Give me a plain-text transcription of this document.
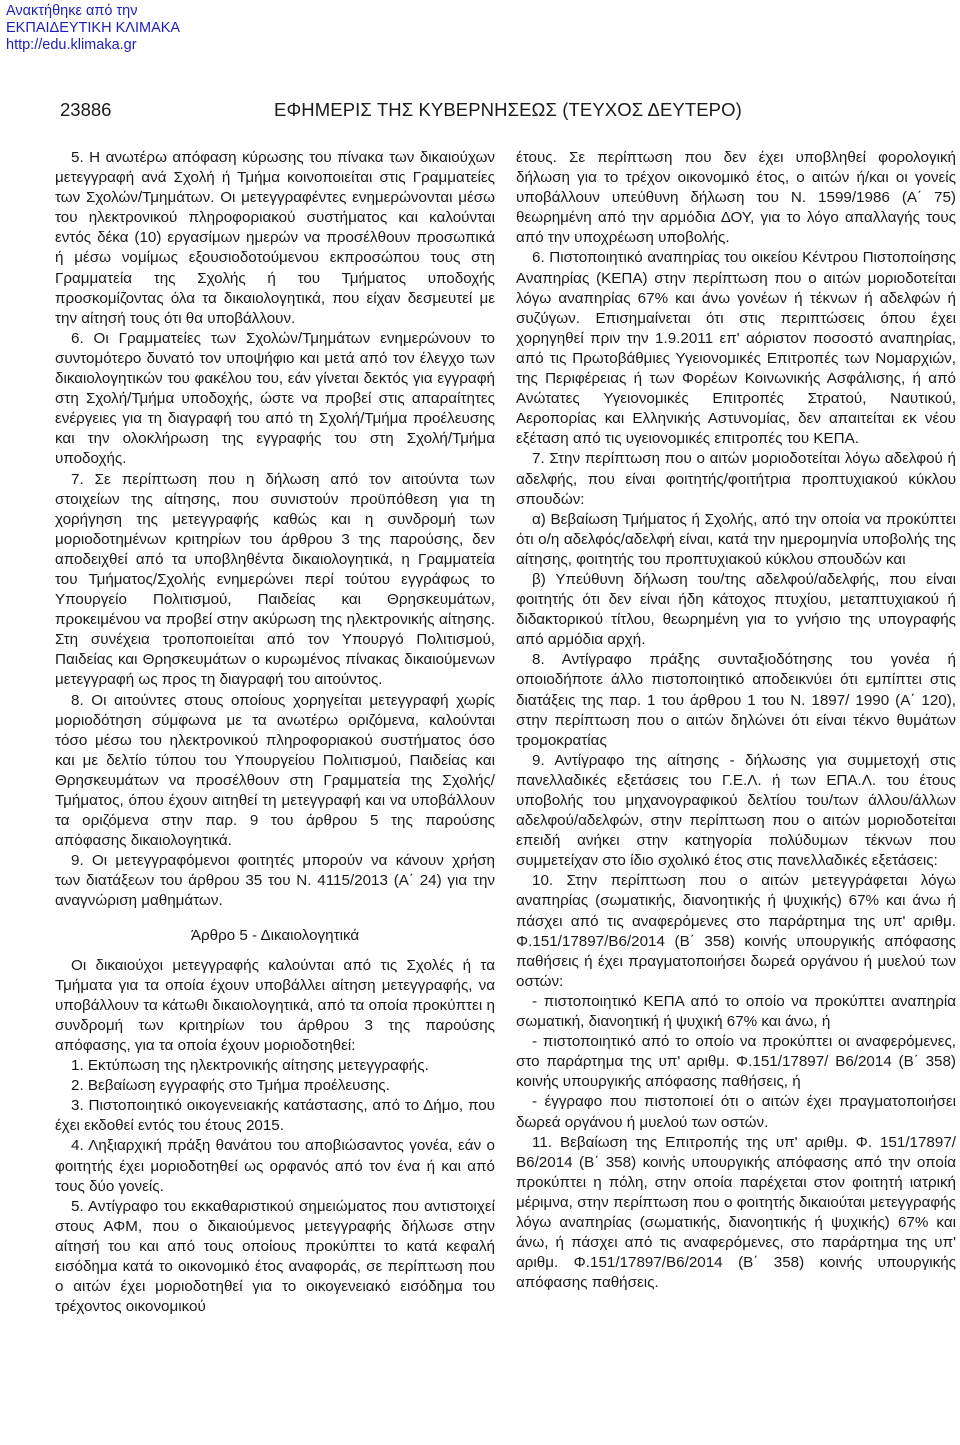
Ανακτήθηκε από την
ΕΚΠΑΙΔΕΥΤΙΚΗ ΚΛΙΜΑΚΑ
http://edu.klimaka.gr
23886	ΕΦΗΜΕΡΙΣ ΤΗΣ ΚΥΒΕΡΝΗΣΕΩΣ (ΤΕΥΧΟΣ ΔΕΥΤΕΡΟ)

5. Η ανωτέρω απόφαση κύρωσης του πίνακα των δικαιούχων μετεγγραφή ανά Σχολή ή Τμήμα κοινοποιείται στις Γραμματείες των Σχολών/Τμημάτων. Οι μετεγγραφέντες ενημερώνονται μέσω του ηλεκτρονικού πληροφοριακού συστήματος και καλούνται εντός δέκα (10) εργασίμων ημερών να προσέλθουν προσωπικά ή μέσω νομίμως εξουσιοδοτούμενου εκπροσώπου τους στη Γραμματεία της Σχολής ή του Τμήματος υποδοχής προσκομίζοντας όλα τα δικαιολογητικά, που είχαν δεσμευτεί με την αίτησή τους ότι θα υποβάλλουν.

6. Οι Γραμματείες των Σχολών/Τμημάτων ενημερώνουν το συντομότερο δυνατό τον υποψήφιο και μετά από τον έλεγχο των δικαιολογητικών του φακέλου του, εάν γίνεται δεκτός για εγγραφή στη Σχολή/Τμήμα υποδοχής, ώστε να προβεί στις απαραίτητες ενέργειες για τη διαγραφή του από τη Σχολή/Τμήμα προέλευσης και την ολοκλήρωση της εγγραφής του στη Σχολή/Τμήμα υποδοχής.

7. Σε περίπτωση που η δήλωση από τον αιτούντα των στοιχείων της αίτησης, που συνιστούν προϋπόθεση για τη χορήγηση της μετεγγραφής καθώς και η συνδρομή των μοριοδοτημένων κριτηρίων του άρθρου 3 της παρούσης, δεν αποδειχθεί από τα υποβληθέντα δικαιολογητικά, η Γραμματεία του Τμήματος/Σχολής ενημερώνει περί τούτου εγγράφως το Υπουργείο Πολιτισμού, Παιδείας και Θρησκευμάτων, προκειμένου να προβεί στην ακύρωση της ηλεκτρονικής αίτησης. Στη συνέχεια τροποποιείται από τον Υπουργό Πολιτισμού, Παιδείας και Θρησκευμάτων ο κυρωμένος πίνακας δικαιούμενων μετεγγραφή ως προς τη διαγραφή του αιτούντος.

8. Οι αιτούντες στους οποίους χορηγείται μετεγγραφή χωρίς μοριοδότηση σύμφωνα με τα ανωτέρω οριζόμενα, καλούνται τόσο μέσω του ηλεκτρονικού πληροφοριακού συστήματος όσο και με δελτίο τύπου του Υπουργείου Πολιτισμού, Παιδείας και Θρησκευμάτων να προσέλθουν στη Γραμματεία της Σχολής/ Τμήματος, όπου έχουν αιτηθεί τη μετεγγραφή και να υποβάλλουν τα οριζόμενα στην παρ. 9 του άρθρου 5 της παρούσης απόφασης δικαιολογητικά.

9. Οι μετεγγραφόμενοι φοιτητές μπορούν να κάνουν χρήση των διατάξεων του άρθρου 35 του Ν. 4115/2013 (Α΄ 24) για την αναγνώριση μαθημάτων.

Άρθρο 5 - Δικαιολογητικά

Οι δικαιούχοι μετεγγραφής καλούνται από τις Σχολές ή τα Τμήματα για τα οποία έχουν υποβάλλει αίτηση μετεγγραφής, να υποβάλλουν τα κάτωθι δικαιολογητικά, από τα οποία προκύπτει η συνδρομή των κριτηρίων του άρθρου 3 της παρούσης απόφασης, για τα οποία έχουν μοριοδοτηθεί:

1. Εκτύπωση της ηλεκτρονικής αίτησης μετεγγραφής.

2. Βεβαίωση εγγραφής στο Τμήμα προέλευσης.

3. Πιστοποιητικό οικογενειακής κατάστασης, από το Δήμο, που έχει εκδοθεί εντός του έτους 2015.

4. Ληξιαρχική πράξη θανάτου του αποβιώσαντος γονέα, εάν ο φοιτητής έχει μοριοδοτηθεί ως ορφανός από τον ένα ή και από τους δύο γονείς.

5. Αντίγραφο του εκκαθαριστικού σημειώματος που αντιστοιχεί στους ΑΦΜ, που ο δικαιούμενος μετεγγραφής δήλωσε στην αίτησή του και από τους οποίους προκύπτει το κατά κεφαλή εισόδημα κατά το οικονομικό έτος αναφοράς, σε περίπτωση που ο αιτών έχει μοριοδοτηθεί για το οικογενειακό εισόδημα του τρέχοντος οικονομικού

έτους. Σε περίπτωση που δεν έχει υποβληθεί φορολογική δήλωση για το τρέχον οικονομικό έτος, ο αιτών ή/και οι γονείς υποβάλλουν υπεύθυνη δήλωση του Ν. 1599/1986 (Α΄ 75) θεωρημένη από την αρμόδια ΔΟΥ, για το λόγο απαλλαγής τους από την υποχρέωση υποβολής.

6. Πιστοποιητικό αναπηρίας του οικείου Κέντρου Πιστοποίησης Αναπηρίας (ΚΕΠΑ) στην περίπτωση που ο αιτών μοριοδοτείται λόγω αναπηρίας 67% και άνω γονέων ή τέκνων ή αδελφών ή συζύγων. Επισημαίνεται ότι στις περιπτώσεις όπου έχει χορηγηθεί πριν την 1.9.2011 επ' αόριστον ποσοστό αναπηρίας, από τις Πρωτοβάθμιες Υγειονομικές Επιτροπές των Νομαρχιών, της Περιφέρειας ή των Φορέων Κοινωνικής Ασφάλισης, ή από Ανώτατες Υγειονομικές Επιτροπές Στρατού, Ναυτικού, Αεροπορίας και Ελληνικής Αστυνομίας, δεν απαιτείται εκ νέου εξέταση από τις υγειονομικές επιτροπές του ΚΕΠΑ.

7. Στην περίπτωση που ο αιτών μοριοδοτείται λόγω αδελφού ή αδελφής, που είναι φοιτητής/φοιτήτρια προπτυχιακού κύκλου σπουδών:

α) Βεβαίωση Τμήματος ή Σχολής, από την οποία να προκύπτει ότι ο/η αδελφός/αδελφή είναι, κατά την ημερομηνία υποβολής της αίτησης, φοιτητής του προπτυχιακού κύκλου σπουδών και

β) Υπεύθυνη δήλωση του/της αδελφού/αδελφής, που είναι φοιτητής ότι δεν είναι ήδη κάτοχος πτυχίου, μεταπτυχιακού ή διδακτορικού τίτλου, θεωρημένη για το γνήσιο της υπογραφής από αρμόδια αρχή.

8. Αντίγραφο πράξης συνταξιοδότησης του γονέα ή οποιοδήποτε άλλο πιστοποιητικό αποδεικνύει ότι εμπίπτει στις διατάξεις της παρ. 1 του άρθρου 1 του Ν. 1897/ 1990 (Α΄ 120), στην περίπτωση που ο αιτών δηλώνει ότι είναι τέκνο θυμάτων τρομοκρατίας

9. Αντίγραφο της αίτησης - δήλωσης για συμμετοχή στις πανελλαδικές εξετάσεις του Γ.Ε.Λ. ή των ΕΠΑ.Λ. του έτους υποβολής του μηχανογραφικού δελτίου του/των άλλου/άλλων αδελφού/αδελφών, στην περίπτωση που ο αιτών μοριοδοτείται επειδή ανήκει στην κατηγορία πολύδυμων τέκνων που συμμετείχαν στο ίδιο σχολικό έτος στις πανελλαδικές εξετάσεις:

10. Στην περίπτωση που ο αιτών μετεγγράφεται λόγω αναπηρίας (σωματικής, διανοητικής ή ψυχικής) 67% και άνω ή πάσχει από τις αναφερόμενες στο παράρτημα της υπ' αριθμ. Φ.151/17897/Β6/2014 (Β΄ 358) κοινής υπουργικής απόφασης παθήσεις ή έχει πραγματοποιήσει δωρεά οργάνου ή μυελού των οστών:

- πιστοποιητικό ΚΕΠΑ από το οποίο να προκύπτει αναπηρία σωματική, διανοητική ή ψυχική 67% και άνω, ή

- πιστοποιητικό από το οποίο να προκύπτει οι αναφερόμενες, στο παράρτημα της υπ' αριθμ. Φ.151/17897/ Β6/2014 (Β΄ 358) κοινής υπουργικής απόφασης παθήσεις, ή

- έγγραφο που πιστοποιεί ότι ο αιτών έχει πραγματοποιήσει δωρεά οργάνου ή μυελού των οστών.

11. Βεβαίωση της Επιτροπής της υπ' αριθμ. Φ. 151/17897/ Β6/2014 (Β΄ 358) κοινής υπουργικής απόφασης από την οποία προκύπτει η πόλη, στην οποία παρέχεται στον φοιτητή ιατρική μέριμνα, στην περίπτωση που ο φοιτητής δικαιούται μετεγγραφής λόγω αναπηρίας (σωματικής, διανοητικής ή ψυχικής) 67% και άνω, ή πάσχει από τις αναφερόμενες, στο παράρτημα της υπ' αριθμ. Φ.151/17897/Β6/2014 (Β΄ 358) κοινής υπουργικής απόφασης παθήσεις.
